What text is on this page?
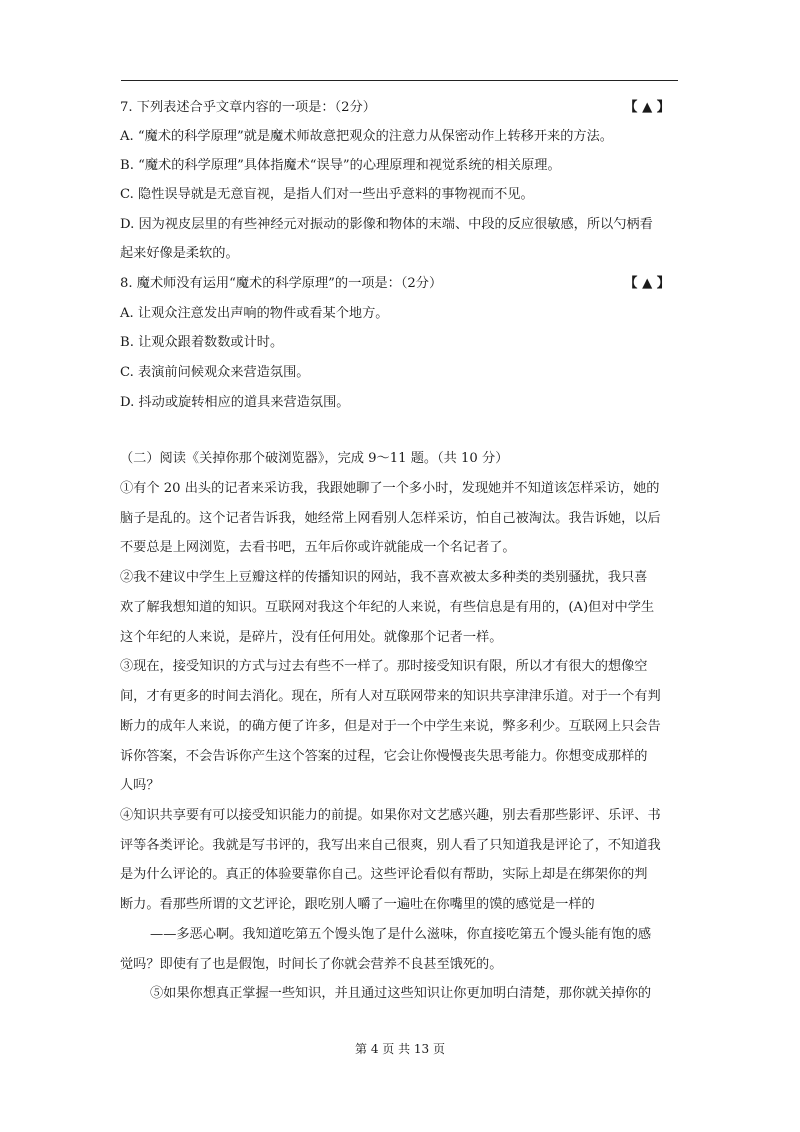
7. 下列表述合乎文章内容的一项是：（2分）	【 ▲ 】
A. “魔术的科学原理”就是魔术师故意把观众的注意力从保密动作上转移开来的方法。
B. “魔术的科学原理”具体指魔术“误导”的心理原理和视觉系统的相关原理。
C. 隐性误导就是无意盲视，是指人们对一些出乎意料的事物视而不见。
D. 因为视皮层里的有些神经元对振动的影像和物体的末端、中段的反应很敏感，所以勺柄看
起来好像是柔软的。
8. 魔术师没有运用“魔术的科学原理”的一项是：（2分）	【 ▲ 】
A. 让观众注意发出声响的物件或看某个地方。
B. 让观众跟着数数或计时。
C. 表演前问候观众来营造氛围。
D. 抖动或旋转相应的道具来营造氛围。
（二）阅读《关掉你那个破浏览器》，完成 9～11 题。（共 10 分）
①有个 20 出头的记者来采访我，我跟她聊了一个多小时，发现她并不知道该怎样采访，她的
脑子是乱的。这个记者告诉我，她经常上网看别人怎样采访，怕自己被淘汰。我告诉她，以后
不要总是上网浏览，去看书吧，五年后你或许就能成一个名记者了。
②我不建议中学生上豆瓣这样的传播知识的网站，我不喜欢被太多种类的类别骚扰，我只喜
欢了解我想知道的知识。互联网对我这个年纪的人来说，有些信息是有用的，(A)但对中学生
这个年纪的人来说，是碎片，没有任何用处。就像那个记者一样。
③现在，接受知识的方式与过去有些不一样了。那时接受知识有限，所以才有很大的想像空
间，才有更多的时间去消化。现在，所有人对互联网带来的知识共享津津乐道。对于一个有判
断力的成年人来说，的确方便了许多，但是对于一个中学生来说，弊多利少。互联网上只会告
诉你答案，不会告诉你产生这个答案的过程，它会让你慢慢丧失思考能力。你想变成那样的
人吗？
④知识共享要有可以接受知识能力的前提。如果你对文艺感兴趣，别去看那些影评、乐评、书
评等各类评论。我就是写书评的，我写出来自己很爽，别人看了只知道我是评论了，不知道我
是为什么评论的。真正的体验要靠你自己。这些评论看似有帮助，实际上却是在绑架你的判
断力。看那些所谓的文艺评论，跟吃别人嚼了一遍吐在你嘴里的馍的感觉是一样的
——多恶心啊。我知道吃第五个馒头饱了是什么滋味，你直接吃第五个馒头能有饱的感
觉吗？即使有了也是假饱，时间长了你就会营养不良甚至饿死的。
⑤如果你想真正掌握一些知识，并且通过这些知识让你更加明白清楚，那你就关掉你的
第 4 页 共 13 页
